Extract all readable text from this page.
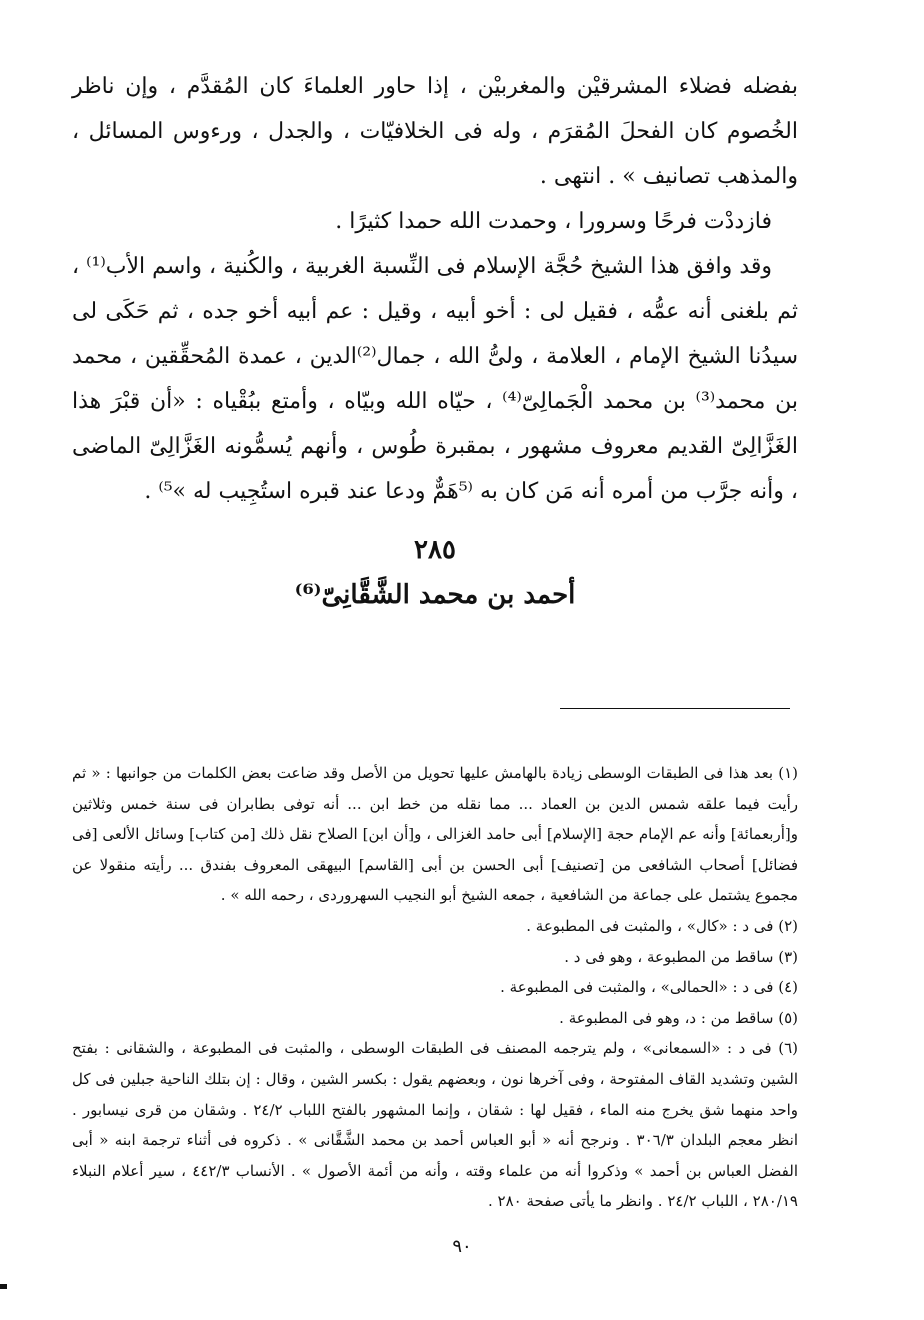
بفضله فضلاء المشرقيْن والمغربيْن ، إذا حاور العلماءَ كان المُقدَّم ، وإن ناظر الخُصوم كان الفحلَ المُقرَم ، وله فى الخلافيّات ، والجدل ، ورءوس المسائل ، والمذهب تصانيف » . انتهى .

فازددْت فرحًا وسرورا ، وحمدت الله حمدا كثيرًا .

وقد وافق هذا الشيخ حُجَّة الإسلام فى النِّسبة الغربية ، والكُنية ، واسم الأب⁽¹⁾ ، ثم بلغنى أنه عمُّه ، فقيل لى : أخو أبيه ، وقيل : عم أبيه أخو جده ، ثم حَكَى لى سيدُنا الشيخ الإمام ، العلامة ، ولىُّ الله ، جمال⁽²⁾الدين ، عمدة المُحقِّقين ، محمد بن محمد⁽³⁾ بن محمد الْجَمالِىّ⁽⁴⁾ ، حيّاه الله وبيّاه ، وأمتع ببُقْياه : «أن قبْرَ هذا الغَزَّالِىّ القديم معروف مشهور ، بمقبرة طُوس ، وأنهم يُسمُّونه الغَزَّالِىّ الماضى ، وأنه جرَّب من أمره أنه مَن كان به ⁽⁵هَمٌّ ودعا عند قبره استُجِيب له »⁵⁾ .

٢٨٥
أحمد بن محمد الشَّقَّانِىّ⁽⁶⁾

(١) بعد هذا فى الطبقات الوسطى زيادة بالهامش عليها تحويل من الأصل وقد ضاعت بعض الكلمات من جوانبها : « ثم رأيت فيما علقه شمس الدين بن العماد ... مما نقله من خط ابن ... أنه توفى بطابران فى سنة خمس وثلاثين و[أربعمائة] وأنه عم الإمام حجة [الإسلام] أبى حامد الغزالى ، و[أن ابن] الصلاح نقل ذلك [من كتاب] وسائل الألعى [فى فضائل] أصحاب الشافعى من [تصنيف] أبى الحسن بن أبى [القاسم] البيهقى المعروف بفندق ... رأيته منقولا عن مجموع يشتمل على جماعة من الشافعية ، جمعه الشيخ أبو النجيب السهروردى ، رحمه الله » .

(٢) فى د : «كال» ، والمثبت فى المطبوعة .

(٣) ساقط من المطبوعة ، وهو فى د .

(٤) فى د : «الحمالى» ، والمثبت فى المطبوعة .

(٥) ساقط من : د، وهو فى المطبوعة .

(٦) فى د : «السمعانى» ، ولم يترجمه المصنف فى الطبقات الوسطى ، والمثبت فى المطبوعة ، والشقانى : بفتح الشين وتشديد القاف المفتوحة ، وفى آخرها نون ، وبعضهم يقول : بكسر الشين ، وقال : إن بتلك الناحية جبلين فى كل واحد منهما شق يخرج منه الماء ، فقيل لها : شقان ، وإنما المشهور بالفتح اللباب ٢٤/٢ . وشقان من قرى نيسابور . انظر معجم البلدان ٣٠٦/٣ . ونرجح أنه « أبو العباس أحمد بن محمد الشَّقَّانى » . ذكروه فى أثناء ترجمة ابنه « أبى الفضل العباس بن أحمد » وذكروا أنه من علماء وقته ، وأنه من أئمة الأصول » . الأنساب ٤٤٢/٣ ، سير أعلام النبلاء ٢٨٠/١٩ ، اللباب ٢٤/٢ . وانظر ما يأتى صفحة ٢٨٠ .

٩٠
